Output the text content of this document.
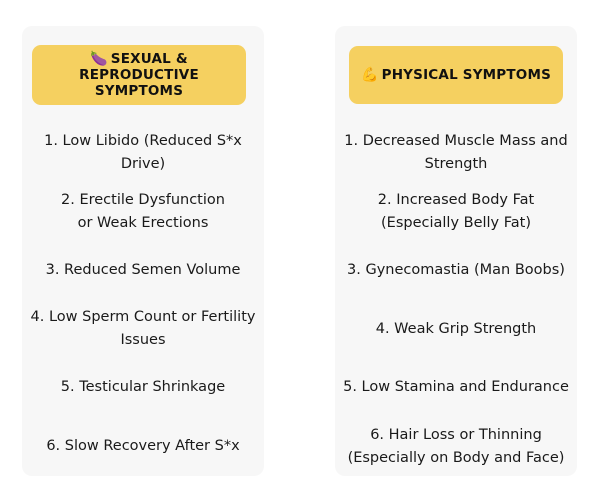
🍆 SEXUAL &
REPRODUCTIVE
SYMPTOMS
1. Low Libido (Reduced S*x
Drive)
2. Erectile Dysfunction
or Weak Erections
3. Reduced Semen Volume
4. Low Sperm Count or Fertility
Issues
5. Testicular Shrinkage
6. Slow Recovery After S*x
💪 PHYSICAL SYMPTOMS
1. Decreased Muscle Mass and
Strength
2. Increased Body Fat
(Especially Belly Fat)
3. Gynecomastia (Man Boobs)
4. Weak Grip Strength
5. Low Stamina and Endurance
6. Hair Loss or Thinning
(Especially on Body and Face)
